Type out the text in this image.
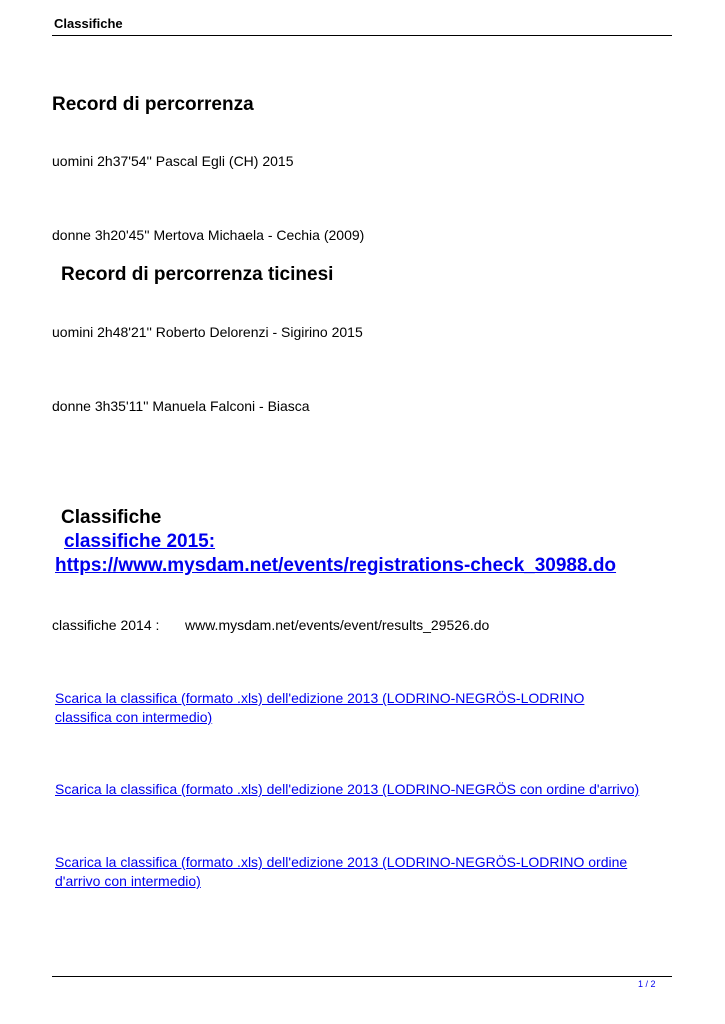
Classifiche
Record di percorrenza
uomini 2h37'54'' Pascal Egli (CH) 2015
donne 3h20'45'' Mertova Michaela - Cechia (2009)
Record di percorrenza ticinesi
uomini 2h48'21'' Roberto Delorenzi - Sigirino 2015
donne 3h35'11'' Manuela Falconi - Biasca
Classifiche
classifiche 2015:
https://www.mysdam.net/events/registrations-check_30988.do
classifiche 2014 : www.mysdam.net/events/event/results_29526.do
Scarica la classifica (formato .xls) dell'edizione 2013 (LODRINO-NEGRÖS-LODRINO classifica con intermedio)
Scarica la classifica (formato .xls) dell'edizione 2013 (LODRINO-NEGRÖS con ordine d'arrivo)
Scarica la classifica (formato .xls) dell'edizione 2013 (LODRINO-NEGRÖS-LODRINO ordine d'arrivo con intermedio)
1 / 2
